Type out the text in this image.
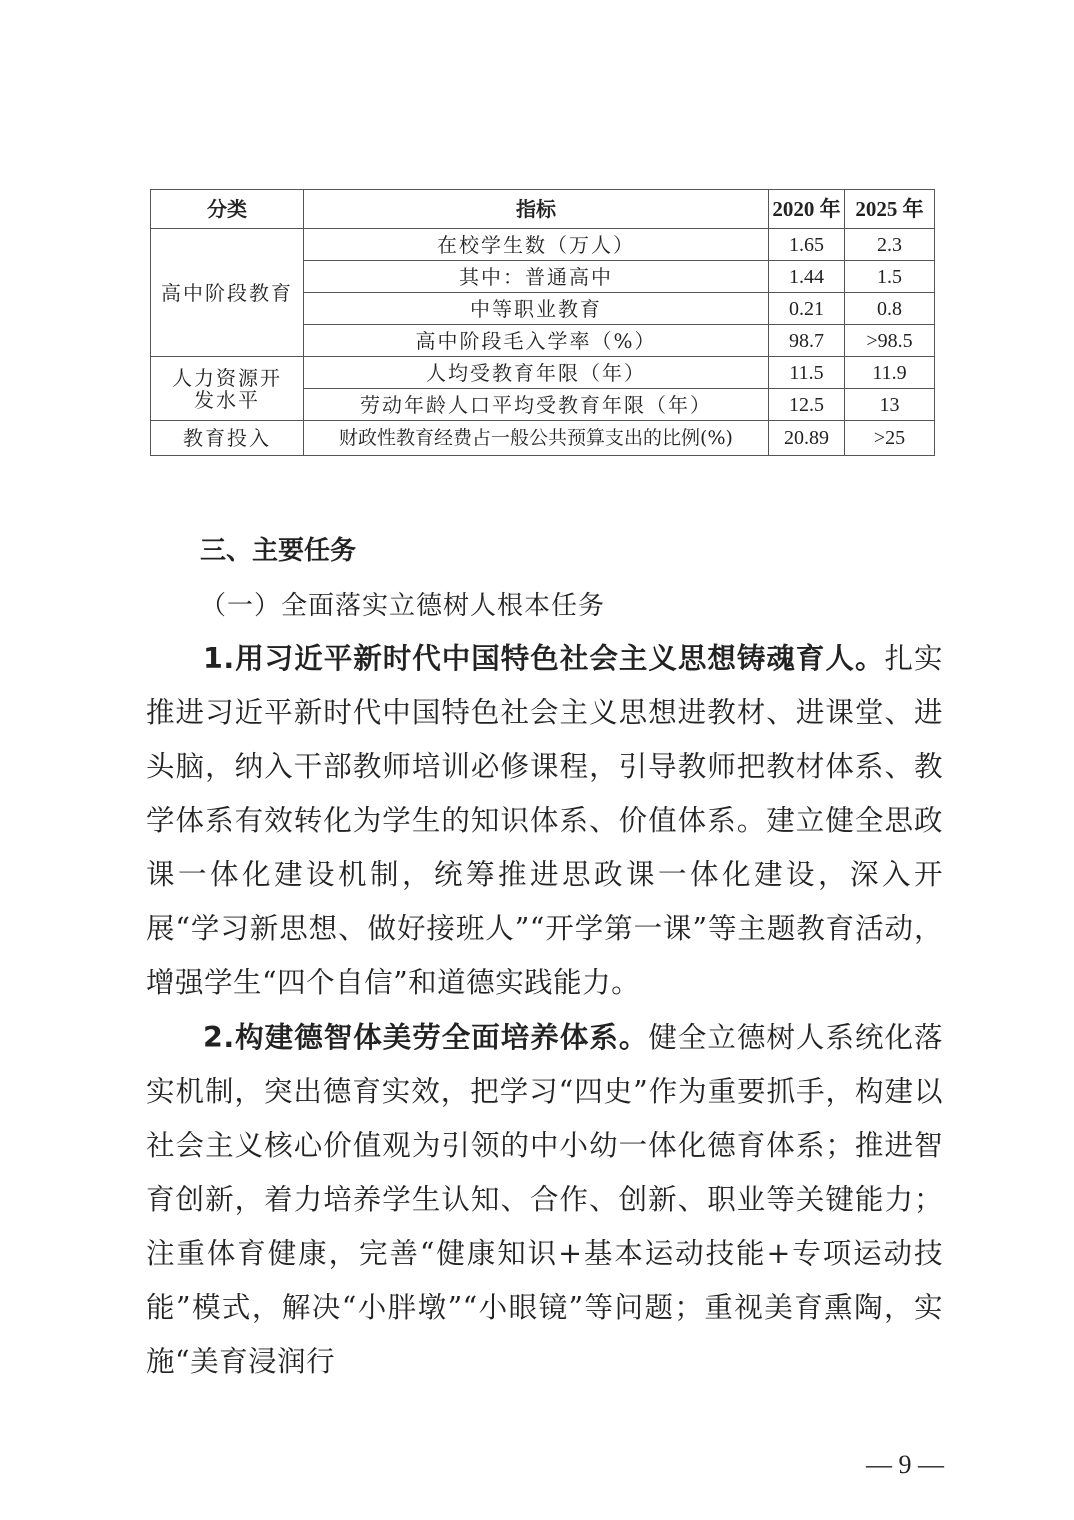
分类	指标	2020 年	2025 年
高中阶段教育	在校学生数（万人）	1.65	2.3
	其中：普通高中	1.44	1.5
	中等职业教育	0.21	0.8
	高中阶段毛入学率（%）	98.7	>98.5
人力资源开发水平	人均受教育年限（年）	11.5	11.9
	劳动年龄人口平均受教育年限（年）	12.5	13
教育投入	财政性教育经费占一般公共预算支出的比例(%)	20.89	>25
三、主要任务
（一）全面落实立德树人根本任务
1.用习近平新时代中国特色社会主义思想铸魂育人。扎实推进习近平新时代中国特色社会主义思想进教材、进课堂、进头脑，纳入干部教师培训必修课程，引导教师把教材体系、教学体系有效转化为学生的知识体系、价值体系。建立健全思政课一体化建设机制，统筹推进思政课一体化建设，深入开展“学习新思想、做好接班人”“开学第一课”等主题教育活动，增强学生“四个自信”和道德实践能力。
2.构建德智体美劳全面培养体系。健全立德树人系统化落实机制，突出德育实效，把学习“四史”作为重要抓手，构建以社会主义核心价值观为引领的中小幼一体化德育体系；推进智育创新，着力培养学生认知、合作、创新、职业等关键能力；注重体育健康，完善“健康知识+基本运动技能+专项运动技能”模式，解决“小胖墩”“小眼镜”等问题；重视美育熏陶，实施“美育浸润行
— 9 —
